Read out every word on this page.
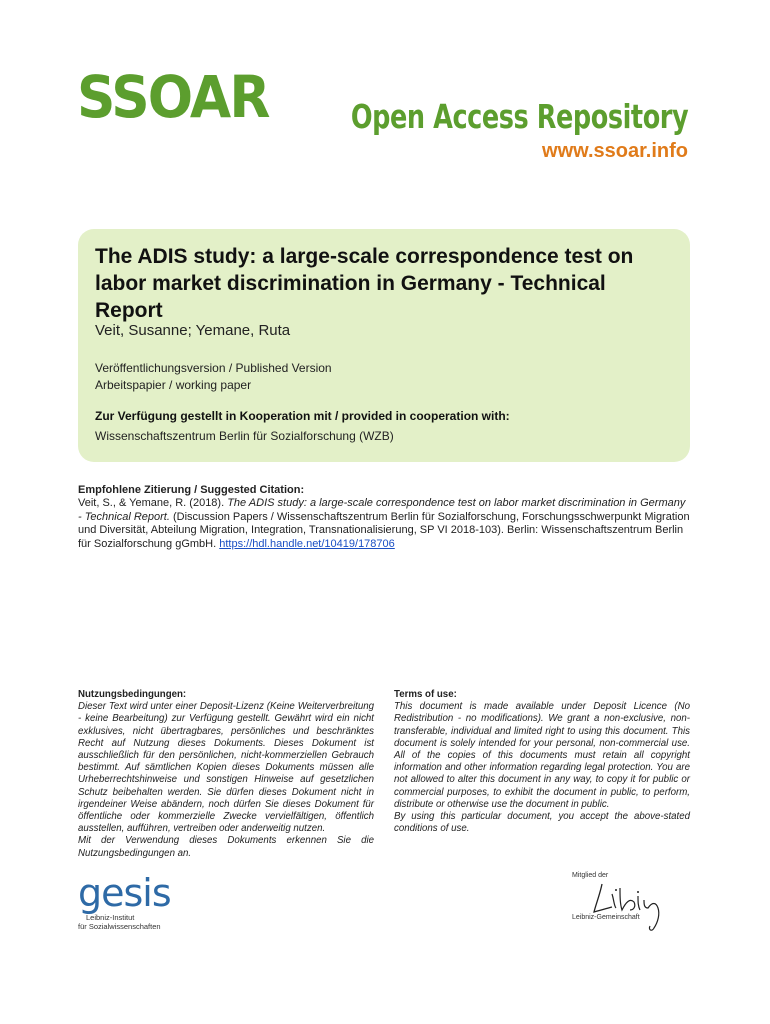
SSOAR Open Access Repository
www.ssoar.info
The ADIS study: a large-scale correspondence test on labor market discrimination in Germany - Technical Report
Veit, Susanne; Yemane, Ruta
Veröffentlichungsversion / Published Version
Arbeitspapier / working paper
Zur Verfügung gestellt in Kooperation mit / provided in cooperation with:
Wissenschaftszentrum Berlin für Sozialforschung (WZB)
Empfohlene Zitierung / Suggested Citation:
Veit, S., & Yemane, R. (2018). The ADIS study: a large-scale correspondence test on labor market discrimination in Germany - Technical Report. (Discussion Papers / Wissenschaftszentrum Berlin für Sozialforschung, Forschungsschwerpunkt Migration und Diversität, Abteilung Migration, Integration, Transnationalisierung, SP VI 2018-103). Berlin: Wissenschaftszentrum Berlin für Sozialforschung gGmbH. https://hdl.handle.net/10419/178706
Nutzungsbedingungen:
Dieser Text wird unter einer Deposit-Lizenz (Keine Weiterverbreitung - keine Bearbeitung) zur Verfügung gestellt. Gewährt wird ein nicht exklusives, nicht übertragbares, persönliches und beschränktes Recht auf Nutzung dieses Dokuments. Dieses Dokument ist ausschließlich für den persönlichen, nicht-kommerziellen Gebrauch bestimmt. Auf sämtlichen Kopien dieses Dokuments müssen alle Urheberrechtshinweise und sonstigen Hinweise auf gesetzlichen Schutz beibehalten werden. Sie dürfen dieses Dokument nicht in irgendeiner Weise abändern, noch dürfen Sie dieses Dokument für öffentliche oder kommerzielle Zwecke vervielfältigen, öffentlich ausstellen, aufführen, vertreiben oder anderweitig nutzen.
Mit der Verwendung dieses Dokuments erkennen Sie die Nutzungsbedingungen an.
Terms of use:
This document is made available under Deposit Licence (No Redistribution - no modifications). We grant a non-exclusive, non-transferable, individual and limited right to using this document. This document is solely intended for your personal, non-commercial use. All of the copies of this documents must retain all copyright information and other information regarding legal protection. You are not allowed to alter this document in any way, to copy it for public or commercial purposes, to exhibit the document in public, to perform, distribute or otherwise use the document in public.
By using this particular document, you accept the above-stated conditions of use.
gesis
Leibniz-Institut
für Sozialwissenschaften
Mitglied der
Leibniz-Gemeinschaft
